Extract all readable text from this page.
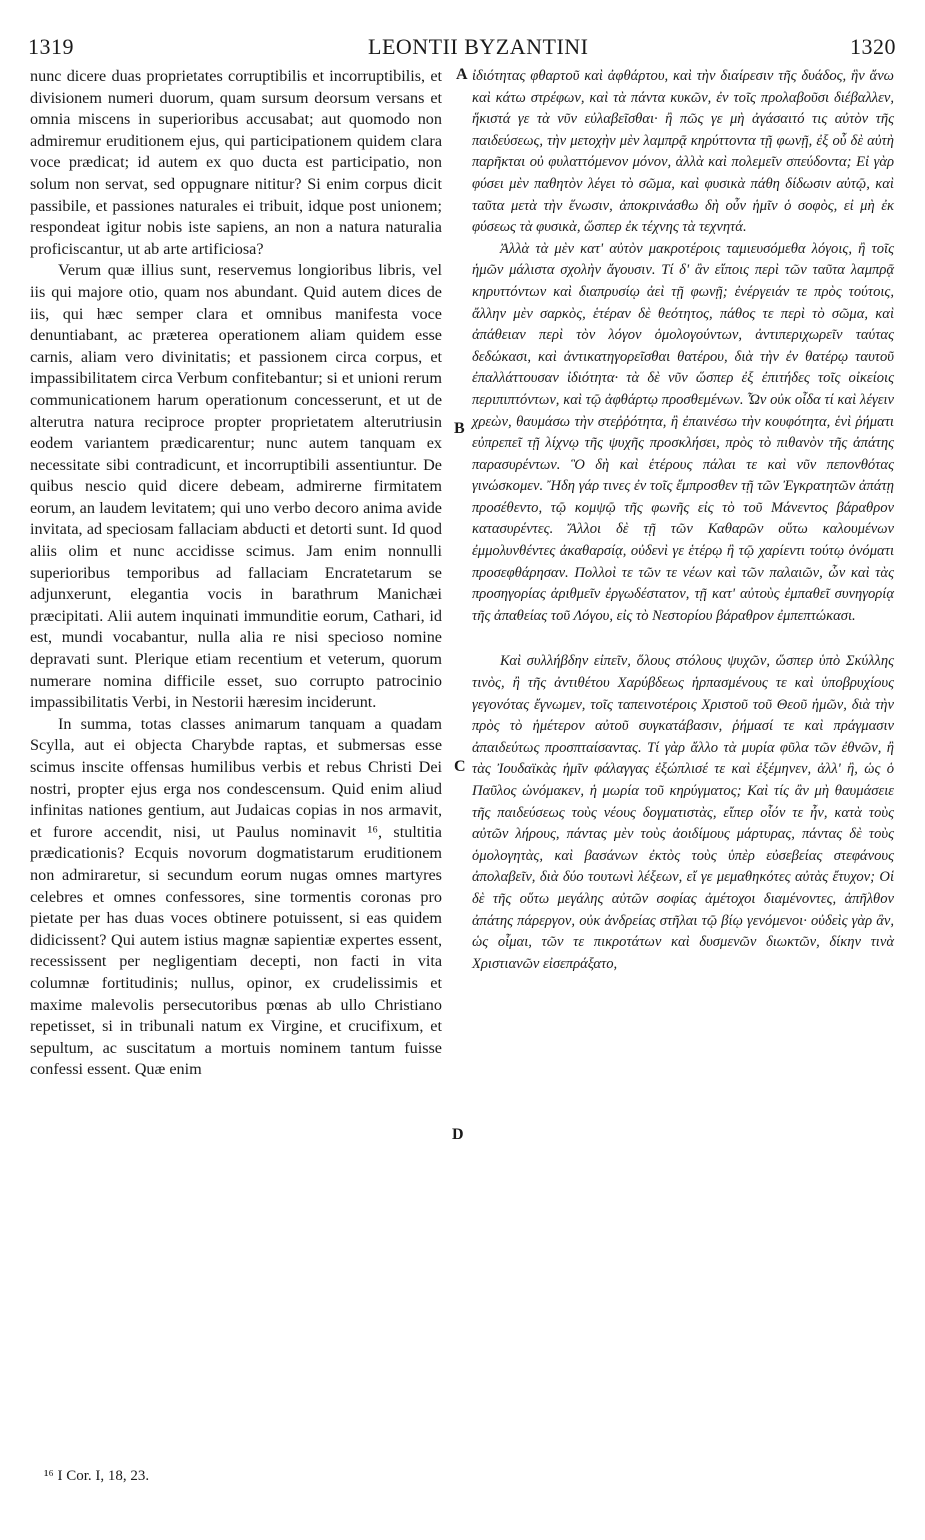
1319	LEONTII BYZANTINI	1320

nunc dicere duas proprietates corruptibilis et incorruptibilis, et divisionem numeri duorum, quam sursum deorsum versans et omnia miscens in superioribus accusabat; aut quomodo non admiremur eruditionem ejus, qui participationem quidem clara voce prædicat; id autem ex quo ducta est participatio, non solum non servat, sed oppugnare nititur? Si enim corpus dicit passibile, et passiones naturales ei tribuit, idque post unionem; respondeat igitur nobis iste sapiens, an non a natura naturalia proficiscantur, ut ab arte artificiosa?

Verum quæ illius sunt, reservemus longioribus libris, vel iis qui majore otio, quam nos abundant. Quid autem dices de iis, qui hæc semper clara et omnibus manifesta voce denuntiabant, ac præterea operationem aliam quidem esse carnis, aliam vero divinitatis; et passionem circa corpus, et impassibilitatem circa Verbum confitebantur; si et unioni rerum communicationem harum operationum concesserunt, et ut de alterutra natura reciproce propter proprietatem alterutriusin eodem variantem prædicarentur; nunc autem tanquam ex necessitate sibi contradicunt, et incorruptibili assentiuntur. De quibus nescio quid dicere debeam, admirerne firmitatem eorum, an laudem levitatem; qui uno verbo decoro anima avide invitata, ad speciosam fallaciam abducti et detorti sunt. Id quod aliis olim et nunc accidisse scimus. Jam enim nonnulli superioribus temporibus ad fallaciam Encratetarum se adjunxerunt, elegantia vocis in barathrum Manichæi præcipitati. Alii autem inquinati immunditie eorum, Cathari, id est, mundi vocabantur, nulla alia re nisi specioso nomine depravati sunt. Plerique etiam recentium et veterum, quorum numerare nomina difficile esset, suo corrupto patrocinio impassibilitatis Verbi, in Nestorii hæresim inciderunt.

In summa, totas classes animarum tanquam a quadam Scylla, aut ei objecta Charybde raptas, et submersas esse scimus inscite offensas humilibus verbis et rebus Christi Dei nostri, propter ejus erga nos condescensum. Quid enim aliud infinitas nationes gentium, aut Judaicas copias in nos armavit, et furore accendit, nisi, ut Paulus nominavit ¹⁶, stultitia prædicationis? Ecquis novorum dogmatistarum eruditionem non admiraretur, si secundum eorum nugas omnes martyres celebres et omnes confessores, sine tormentis coronas pro pietate per has duas voces obtinere potuissent, si eas quidem didicissent? Qui autem istius magnæ sapientiæ expertes essent, recessissent per negligentiam decepti, non facti in vita columnæ fortitudinis; nullus, opinor, ex crudelissimis et maxime malevolis persecutoribus pœnas ab ullo Christiano repetisset, si in tribunali natum ex Virgine, et crucifixum, et sepultum, ac suscitatum a mortuis nominem tantum fuisse confessi essent. Quæ enim

ἰδιότητας φθαρτοῦ καὶ ἀφθάρτου, καὶ τὴν διαίρεσιν τῆς δυάδος, ἣν ἄνω καὶ κάτω στρέφων, καὶ τὰ πάντα κυκῶν, ἐν τοῖς προλαβοῦσι διέβαλλεν, ἥκιστά γε τὰ νῦν εὐλαβεῖσθαι· ἢ πῶς γε μὴ ἀγάσαιτό τις αὐτὸν τῆς παιδεύσεως, τὴν μετοχὴν μὲν λαμπρᾷ κηρύττοντα τῇ φωνῇ, ἐξ οὗ δὲ αὐτὴ παρῆκται οὐ φυλαττόμενον μόνον, ἀλλὰ καὶ πολεμεῖν σπεύδοντα; Εἰ γὰρ φύσει μὲν παθητὸν λέγει τὸ σῶμα, καὶ φυσικὰ πάθη δίδωσιν αὐτῷ, καὶ ταῦτα μετὰ τὴν ἕνωσιν, ἀποκρινάσθω δὴ οὖν ἡμῖν ὁ σοφὸς, εἰ μὴ ἐκ φύσεως τὰ φυσικὰ, ὥσπερ ἐκ τέχνης τὰ τεχνητά.

Ἀλλὰ τὰ μὲν κατ' αὐτὸν μακροτέροις ταμιευσόμεθα λόγοις, ἢ τοῖς ἡμῶν μάλιστα σχολὴν ἄγουσιν. Τί δ' ἂν εἴποις περὶ τῶν ταῦτα λαμπρᾷ κηρυττόντων καὶ διαπρυσίῳ ἀεὶ τῇ φωνῇ; ἐνέργειάν τε πρὸς τούτοις, ἄλλην μὲν σαρκὸς, ἑτέραν δὲ θεότητος, πάθος τε περὶ τὸ σῶμα, καὶ ἀπάθειαν περὶ τὸν λόγον ὁμολογούντων, ἀντιπεριχωρεῖν ταύτας δεδώκασι, καὶ ἀντικατηγορεῖσθαι θατέρου, διὰ τὴν ἐν θατέρῳ ταυτοῦ ἐπαλλάττουσαν ἰδιότητα· τὰ δὲ νῦν ὥσπερ ἐξ ἐπιτήδες τοῖς οἰκείοις περιπιπτόντων, καὶ τῷ ἀφθάρτῳ προσθεμένων. Ὧν οὐκ οἶδα τί καὶ λέγειν χρεὼν, θαυμάσω τὴν στεῤῥότητα, ἢ ἐπαινέσω τὴν κουφότητα, ἑνὶ ῥήματι εὐπρεπεῖ τῇ λίχνῳ τῆς ψυχῆς προσκλήσει, πρὸς τὸ πιθανὸν τῆς ἀπάτης παρασυρέντων. Ὃ δὴ καὶ ἑτέρους πάλαι τε καὶ νῦν πεπονθότας γινώσκομεν. Ἤδη γάρ τινες ἐν τοῖς ἔμπροσθεν τῇ τῶν Ἐγκρατητῶν ἀπάτῃ προσέθεντο, τῷ κομψῷ τῆς φωνῆς εἰς τὸ τοῦ Μάνεντος βάραθρον κατασυρέντες. Ἄλλοι δὲ τῇ τῶν Καθαρῶν οὕτω καλουμένων ἐμμολυνθέντες ἀκαθαρσίᾳ, οὐδενὶ γε ἑτέρῳ ἢ τῷ χαρίεντι τούτῳ ὀνόματι προσεφθάρησαν. Πολλοὶ τε τῶν τε νέων καὶ τῶν παλαιῶν, ὧν καὶ τὰς προσηγορίας ἀριθμεῖν ἐργωδέστατον, τῇ κατ' αὐτοὺς ἐμπαθεῖ συνηγορίᾳ τῆς ἀπαθείας τοῦ Λόγου, εἰς τὸ Νεστορίου βάραθρον ἐμπεπτώκασι.

Καὶ συλλήβδην εἰπεῖν, ὅλους στόλους ψυχῶν, ὥσπερ ὑπὸ Σκύλλης τινὸς, ἢ τῆς ἀντιθέτου Χαρύβδεως ἡρπασμένους τε καὶ ὑποβρυχίους γεγονότας ἔγνωμεν, τοῖς ταπεινοτέροις Χριστοῦ τοῦ Θεοῦ ἡμῶν, διὰ τὴν πρὸς τὸ ἡμέτερον αὐτοῦ συγκατάβασιν, ῥήμασί τε καὶ πράγμασιν ἀπαιδεύτως προσπταίσαντας. Τί γὰρ ἄλλο τὰ μυρία φῦλα τῶν ἐθνῶν, ἢ τὰς Ἰουδαϊκὰς ἡμῖν φάλαγγας ἐξώπλισέ τε καὶ ἐξέμηνεν, ἀλλ' ἢ, ὡς ὁ Παῦλος ὠνόμακεν, ἡ μωρία τοῦ κηρύγματος; Καὶ τίς ἂν μὴ θαυμάσειε τῆς παιδεύσεως τοὺς νέους δογματιστὰς, εἴπερ οἷόν τε ἦν, κατὰ τοὺς αὐτῶν λήρους, πάντας μὲν τοὺς ἀοιδίμους μάρτυρας, πάντας δὲ τοὺς ὁμολογητὰς, καὶ βασάνων ἐκτὸς τοὺς ὑπὲρ εὐσεβείας στεφάνους ἀπολαβεῖν, διὰ δύο τουτωνὶ λέξεων, εἴ γε μεμαθηκότες αὐτὰς ἔτυχον; Οἱ δὲ τῆς οὕτω μεγάλης αὐτῶν σοφίας ἀμέτοχοι διαμένοντες, ἀπῆλθον ἀπάτης πάρεργον, οὐκ ἀνδρείας στῆλαι τῷ βίῳ γενόμενοι· οὐδεὶς γὰρ ἂν, ὡς οἶμαι, τῶν τε πικροτάτων καὶ δυσμενῶν διωκτῶν, δίκην τινὰ Χριστιανῶν εἰσεπράξατο,

A
B
C
D
¹⁶ I Cor. I, 18, 23.
